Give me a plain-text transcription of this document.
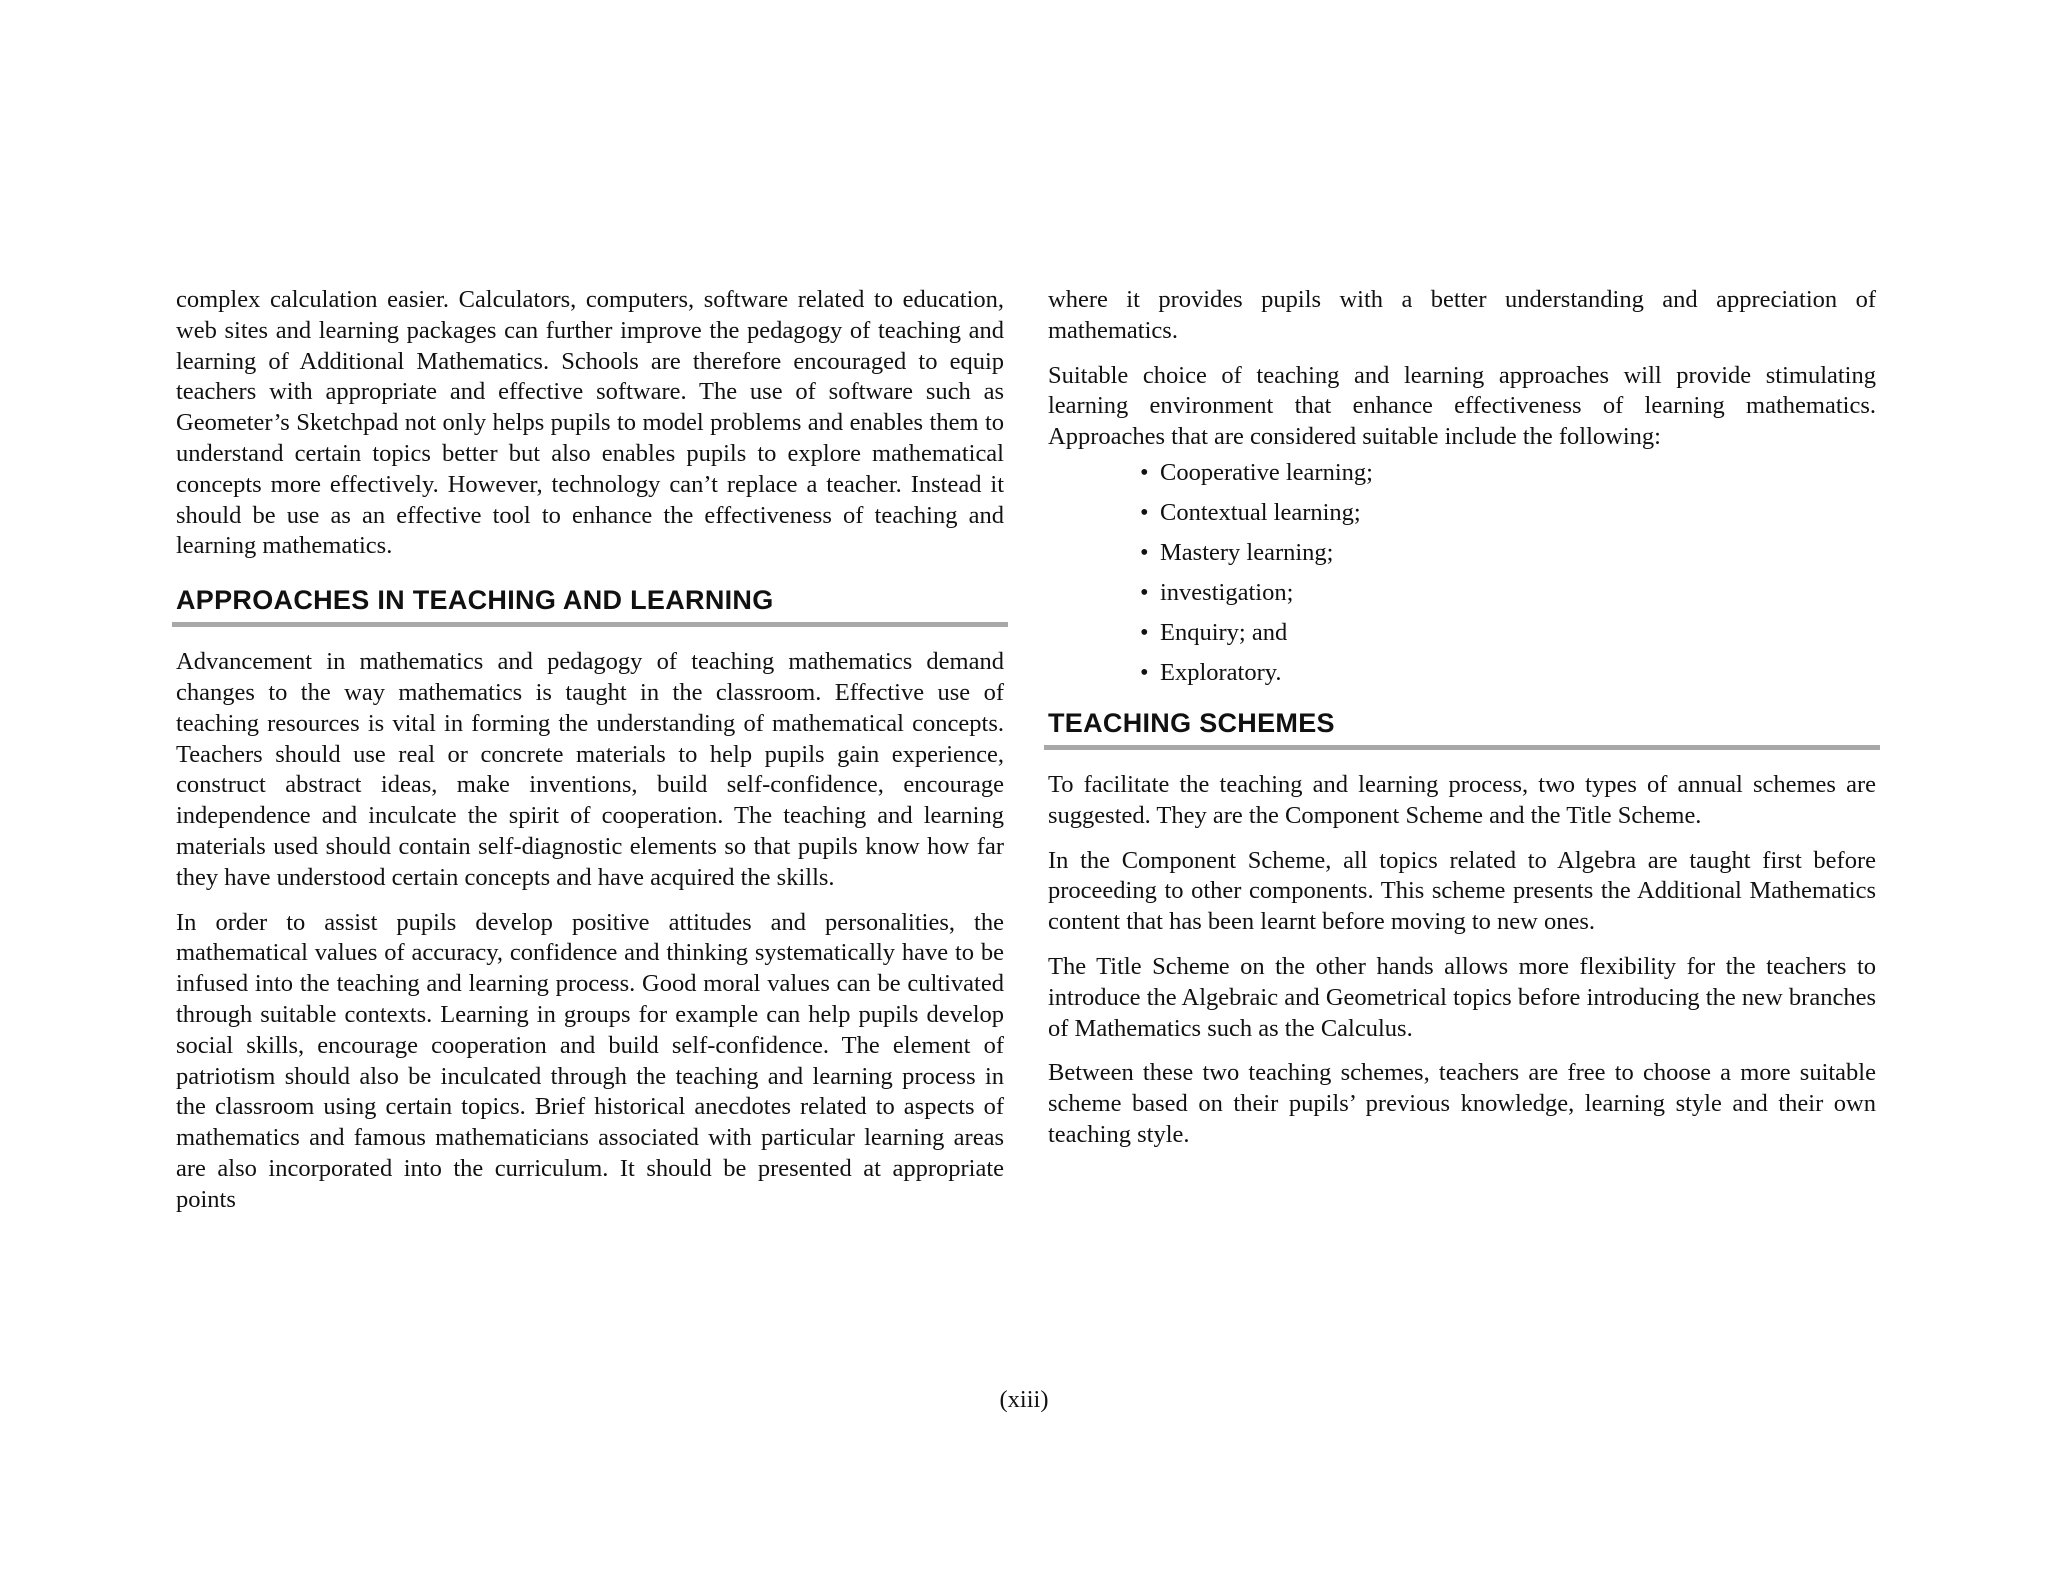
complex calculation easier. Calculators, computers, software related to education, web sites and learning packages can further improve the pedagogy of teaching and learning of Additional Mathematics. Schools are therefore encouraged to equip teachers with appropriate and effective software. The use of software such as Geometer’s Sketchpad not only helps pupils to model problems and enables them to understand certain topics better but also enables pupils to explore mathematical concepts more effectively. However, technology can’t replace a teacher. Instead it should be use as an effective tool to enhance the effectiveness of teaching and learning mathematics.

APPROACHES IN TEACHING AND LEARNING

Advancement in mathematics and pedagogy of teaching mathematics demand changes to the way mathematics is taught in the classroom. Effective use of teaching resources is vital in forming the understanding of mathematical concepts. Teachers should use real or concrete materials to help pupils gain experience, construct abstract ideas, make inventions, build self-confidence, encourage independence and inculcate the spirit of cooperation. The teaching and learning materials used should contain self-diagnostic elements so that pupils know how far they have understood certain concepts and have acquired the skills.

In order to assist pupils develop positive attitudes and personalities, the mathematical values of accuracy, confidence and thinking systematically have to be infused into the teaching and learning process. Good moral values can be cultivated through suitable contexts. Learning in groups for example can help pupils develop social skills, encourage cooperation and build self-confidence. The element of patriotism should also be inculcated through the teaching and learning process in the classroom using certain topics. Brief historical anecdotes related to aspects of mathematics and famous mathematicians associated with particular learning areas are also incorporated into the curriculum. It should be presented at appropriate points

where it provides pupils with a better understanding and appreciation of mathematics.

Suitable choice of teaching and learning approaches will provide stimulating learning environment that enhance effectiveness of learning mathematics. Approaches that are considered suitable include the following:

• Cooperative learning;
• Contextual learning;
• Mastery learning;
• investigation;
• Enquiry; and
• Exploratory.
TEACHING SCHEMES

To facilitate the teaching and learning process, two types of annual schemes are suggested. They are the Component Scheme and the Title Scheme.

In the Component Scheme, all topics related to Algebra are taught first before proceeding to other components. This scheme presents the Additional Mathematics content that has been learnt before moving to new ones.

The Title Scheme on the other hands allows more flexibility for the teachers to introduce the Algebraic and Geometrical topics before introducing the new branches of Mathematics such as the Calculus.

Between these two teaching schemes, teachers are free to choose a more suitable scheme based on their pupils’ previous knowledge, learning style and their own teaching style.

(xiii)
